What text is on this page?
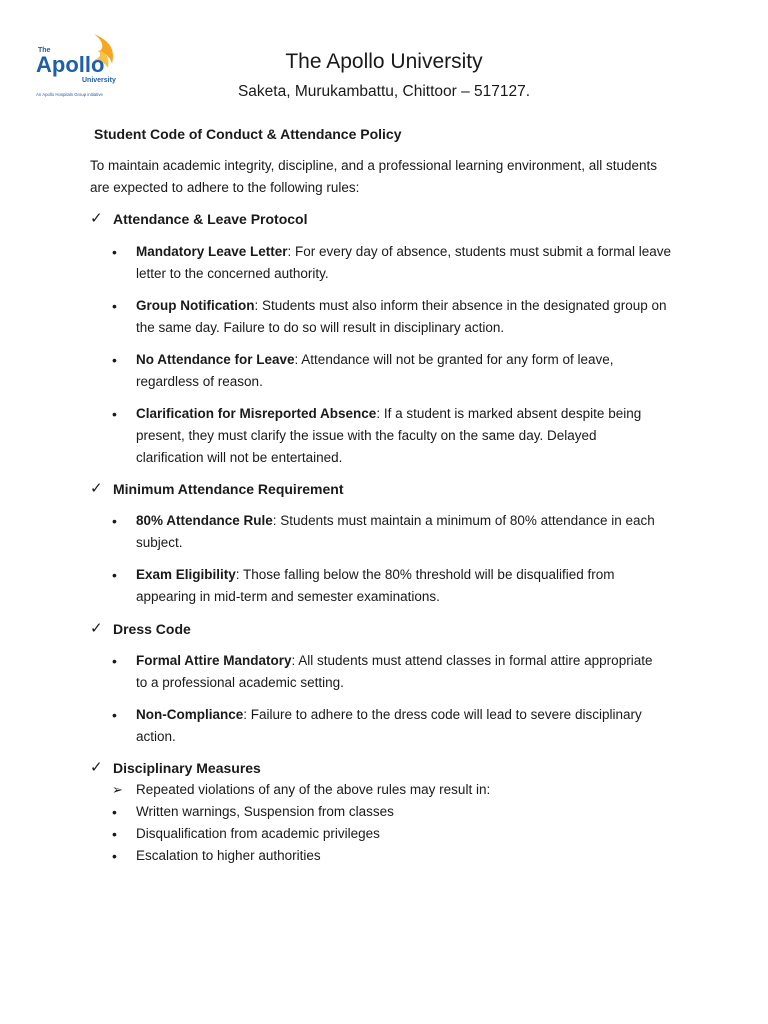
The
Apollo
University
An Apollo Hospitals Group initiative
The Apollo University

Saketa, Murukambattu, Chittoor – 517127.

Student Code of Conduct & Attendance Policy

To maintain academic integrity, discipline, and a professional learning environment, all students
are expected to adhere to the following rules:

✓ Attendance & Leave Protocol
•	Mandatory Leave Letter: For every day of absence, students must submit a formal leave
letter to the concerned authority.
•	Group Notification: Students must also inform their absence in the designated group on
the same day. Failure to do so will result in disciplinary action.
•	No Attendance for Leave: Attendance will not be granted for any form of leave,
regardless of reason.
•	Clarification for Misreported Absence: If a student is marked absent despite being
present, they must clarify the issue with the faculty on the same day. Delayed
clarification will not be entertained.
✓ Minimum Attendance Requirement
•	80% Attendance Rule: Students must maintain a minimum of 80% attendance in each
subject.
•	Exam Eligibility: Those falling below the 80% threshold will be disqualified from
appearing in mid-term and semester examinations.
✓ Dress Code
•	Formal Attire Mandatory: All students must attend classes in formal attire appropriate
to a professional academic setting.
•	Non-Compliance: Failure to adhere to the dress code will lead to severe disciplinary
action.
✓ Disciplinary Measures
➢ Repeated violations of any of the above rules may result in:
•	Written warnings, Suspension from classes
•	Disqualification from academic privileges
•	Escalation to higher authorities
